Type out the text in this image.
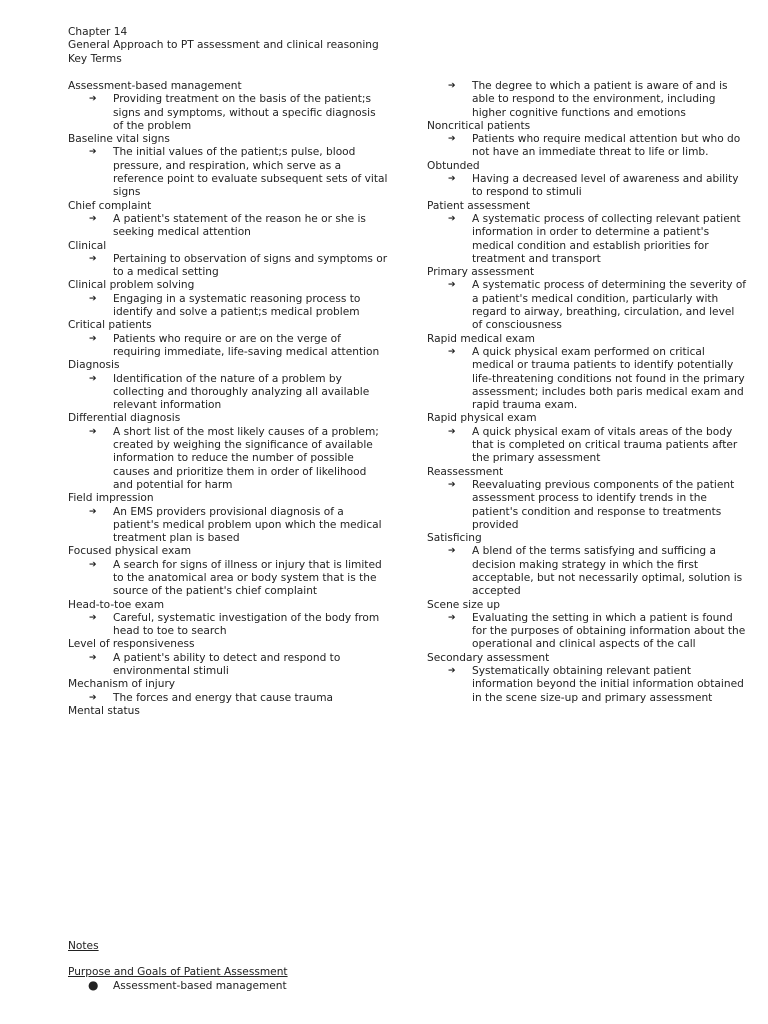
Chapter 14
General Approach to PT assessment and clinical reasoning
Key Terms
Assessment-based management
➔ Providing treatment on the basis of the patient;s signs and symptoms, without a specific diagnosis of the problem
Baseline vital signs
➔ The initial values of the patient;s pulse, blood pressure, and respiration, which serve as a reference point to evaluate subsequent sets of vital signs
Chief complaint
➔ A patient's statement of the reason he or she is seeking medical attention
Clinical
➔ Pertaining to observation of signs and symptoms or to a medical setting
Clinical problem solving
➔ Engaging in a systematic reasoning process to identify and solve a patient;s medical problem
Critical patients
➔ Patients who require or are on the verge of requiring immediate, life-saving medical attention
Diagnosis
➔ Identification of the nature of a problem by collecting and thoroughly analyzing all available relevant information
Differential diagnosis
➔ A short list of the most likely causes of a problem; created by weighing the significance of available information to reduce the number of possible causes and prioritize them in order of likelihood and potential for harm
Field impression
➔ An EMS providers provisional diagnosis of a patient's medical problem upon which the medical treatment plan is based
Focused physical exam
➔ A search for signs of illness or injury that is limited to the anatomical area or body system that is the source of the patient's chief complaint
Head-to-toe exam
➔ Careful, systematic investigation of the body from head to toe to search
Level of responsiveness
➔ A patient's ability to detect and respond to environmental stimuli
Mechanism of injury
➔ The forces and energy that cause trauma
Mental status
➔ The degree to which a patient is aware of and is able to respond to the environment, including higher cognitive functions and emotions
Noncritical patients
➔ Patients who require medical attention but who do not have an immediate threat to life or limb.
Obtunded
➔ Having a decreased level of awareness and ability to respond to stimuli
Patient assessment
➔ A systematic process of collecting relevant patient information in order to determine a patient's medical condition and establish priorities for treatment and transport
Primary assessment
➔ A systematic process of determining the severity of a patient's medical condition, particularly with regard to airway, breathing, circulation, and level of consciousness
Rapid medical exam
➔ A quick physical exam performed on critical medical or trauma patients to identify potentially life-threatening conditions not found in the primary assessment; includes both paris medical exam and rapid trauma exam.
Rapid physical exam
➔ A quick physical exam of vitals areas of the body that is completed on critical trauma patients after the primary assessment
Reassessment
➔ Reevaluating previous components of the patient assessment process to identify trends in the patient's condition and response to treatments provided
Satisficing
➔ A blend of the terms satisfying and sufficing a decision making strategy in which the first acceptable, but not necessarily optimal, solution is accepted
Scene size up
➔ Evaluating the setting in which a patient is found for the purposes of obtaining information about the operational and clinical aspects of the call
Secondary assessment
➔ Systematically obtaining relevant patient information beyond the initial information obtained in the scene size-up and primary assessment
Notes
Purpose and Goals of Patient Assessment
● Assessment-based management
